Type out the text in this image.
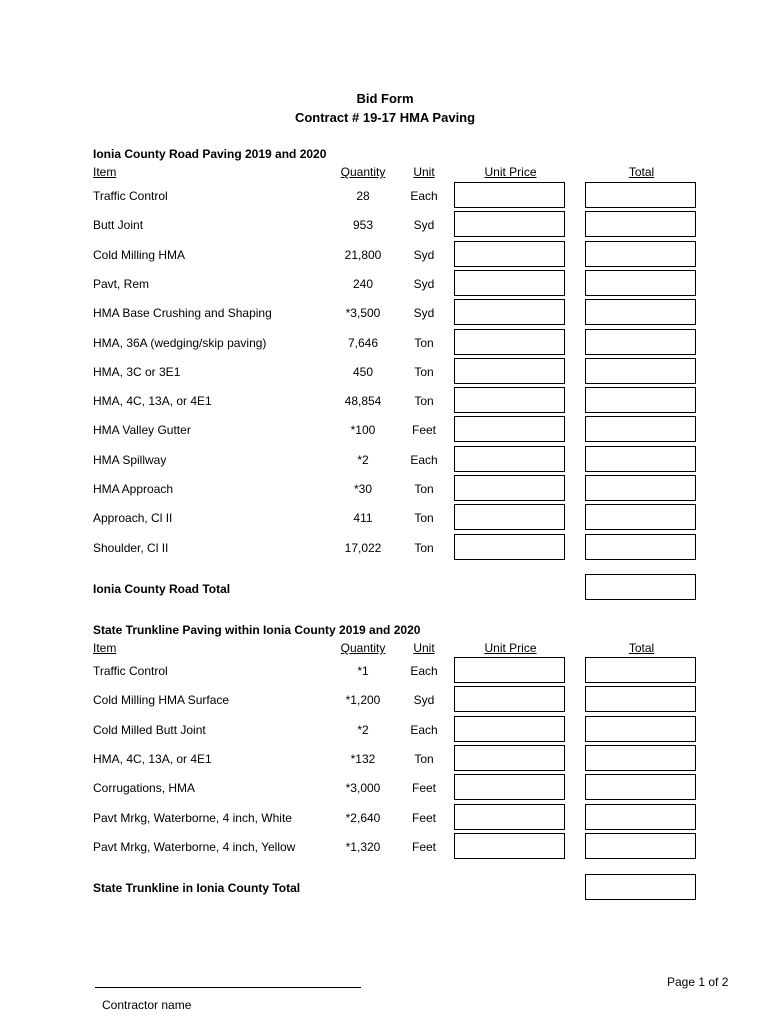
Bid Form
Contract # 19-17 HMA Paving
Ionia County Road Paving 2019 and 2020
Item	Quantity	Unit	Unit Price	Total
Traffic Control	28	Each
Butt Joint	953	Syd
Cold Milling HMA	21,800	Syd
Pavt, Rem	240	Syd
HMA Base Crushing and Shaping	*3,500	Syd
HMA, 36A (wedging/skip paving)	7,646	Ton
HMA, 3C or 3E1	450	Ton
HMA, 4C, 13A, or 4E1	48,854	Ton
HMA Valley Gutter	*100	Feet
HMA Spillway	*2	Each
HMA Approach	*30	Ton
Approach, Cl II	411	Ton
Shoulder, Cl II	17,022	Ton
Ionia County Road Total
State Trunkline Paving within Ionia County 2019 and 2020
Item	Quantity	Unit	Unit Price	Total
Traffic Control	*1	Each
Cold Milling HMA Surface	*1,200	Syd
Cold Milled Butt Joint	*2	Each
HMA, 4C, 13A, or 4E1	*132	Ton
Corrugations, HMA	*3,000	Feet
Pavt Mrkg, Waterborne, 4 inch, White	*2,640	Feet
Pavt Mrkg, Waterborne, 4 inch, Yellow	*1,320	Feet
State Trunkline in Ionia County Total
Contractor name
Page 1 of 2
